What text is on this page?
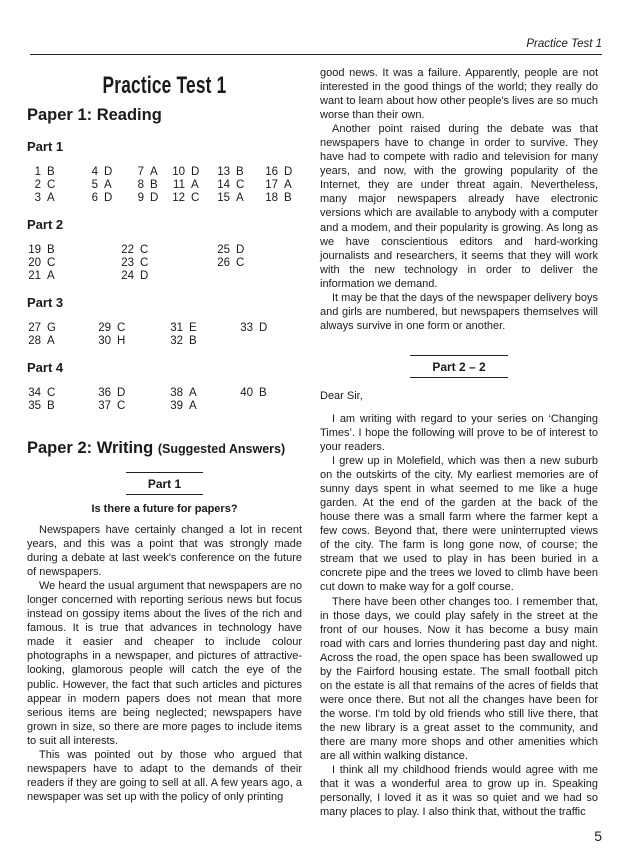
Practice Test 1
Practice Test 1
Paper 1: Reading
Part 1
1 B	4 D	7 A 10 D 13 B 16 D
2 C	5 A	8 B 11 A 14 C 17 A
3 A	6 D	9 D 12 C 15 A 18 B
Part 2
19 B	22 C	25 D
20 C	23 C	26 C
21 A	24 D
Part 3
27 G	29 C	31 E	33 D
28 A	30 H	32 B
Part 4
34 C	36 D	38 A	40 B
35 B	37 C	39 A
Paper 2: Writing (Suggested Answers)
Part 1
Is there a future for papers?

Newspapers have certainly changed a lot in recent years, and this was a point that was strongly made during a debate at last week's conference on the future of newspapers.

We heard the usual argument that newspapers are no longer concerned with reporting serious news but focus instead on gossipy items about the lives of the rich and famous. It is true that advances in technology have made it easier and cheaper to include colour photographs in a newspaper, and pictures of attractive-looking, glamorous people will catch the eye of the public. However, the fact that such articles and pictures appear in modern papers does not mean that more serious items are being neglected; newspapers have grown in size, so there are more pages to include items to suit all interests.

This was pointed out by those who argued that newspapers have to adapt to the demands of their readers if they are going to sell at all. A few years ago, a newspaper was set up with the policy of only printing

good news. It was a failure. Apparently, people are not interested in the good things of the world; they really do want to learn about how other people's lives are so much worse than their own.

Another point raised during the debate was that newspapers have to change in order to survive. They have had to compete with radio and television for many years, and now, with the growing popularity of the Internet, they are under threat again. Nevertheless, many major newspapers already have electronic versions which are available to anybody with a computer and a modem, and their popularity is growing. As long as we have conscientious editors and hard-working journalists and researchers, it seems that they will work with the new technology in order to deliver the information we demand.

It may be that the days of the newspaper delivery boys and girls are numbered, but newspapers themselves will always survive in one form or another.

Part 2 – 2
Dear Sir,

I am writing with regard to your series on ‘Changing Times’. I hope the following will prove to be of interest to your readers.

I grew up in Molefield, which was then a new suburb on the outskirts of the city. My earliest memories are of sunny days spent in what seemed to me like a huge garden. At the end of the garden at the back of the house there was a small farm where the farmer kept a few cows. Beyond that, there were uninterrupted views of the city. The farm is long gone now, of course; the stream that we used to play in has been buried in a concrete pipe and the trees we loved to climb have been cut down to make way for a golf course.

There have been other changes too. I remember that, in those days, we could play safely in the street at the front of our houses. Now it has become a busy main road with cars and lorries thundering past day and night. Across the road, the open space has been swallowed up by the Fairford housing estate. The small football pitch on the estate is all that remains of the acres of fields that were once there. But not all the changes have been for the worse. I'm told by old friends who still live there, that the new library is a great asset to the community, and there are many more shops and other amenities which are all within walking distance.

I think all my childhood friends would agree with me that it was a wonderful area to grow up in. Speaking personally, I loved it as it was so quiet and we had so many places to play. I also think that, without the traffic

5
